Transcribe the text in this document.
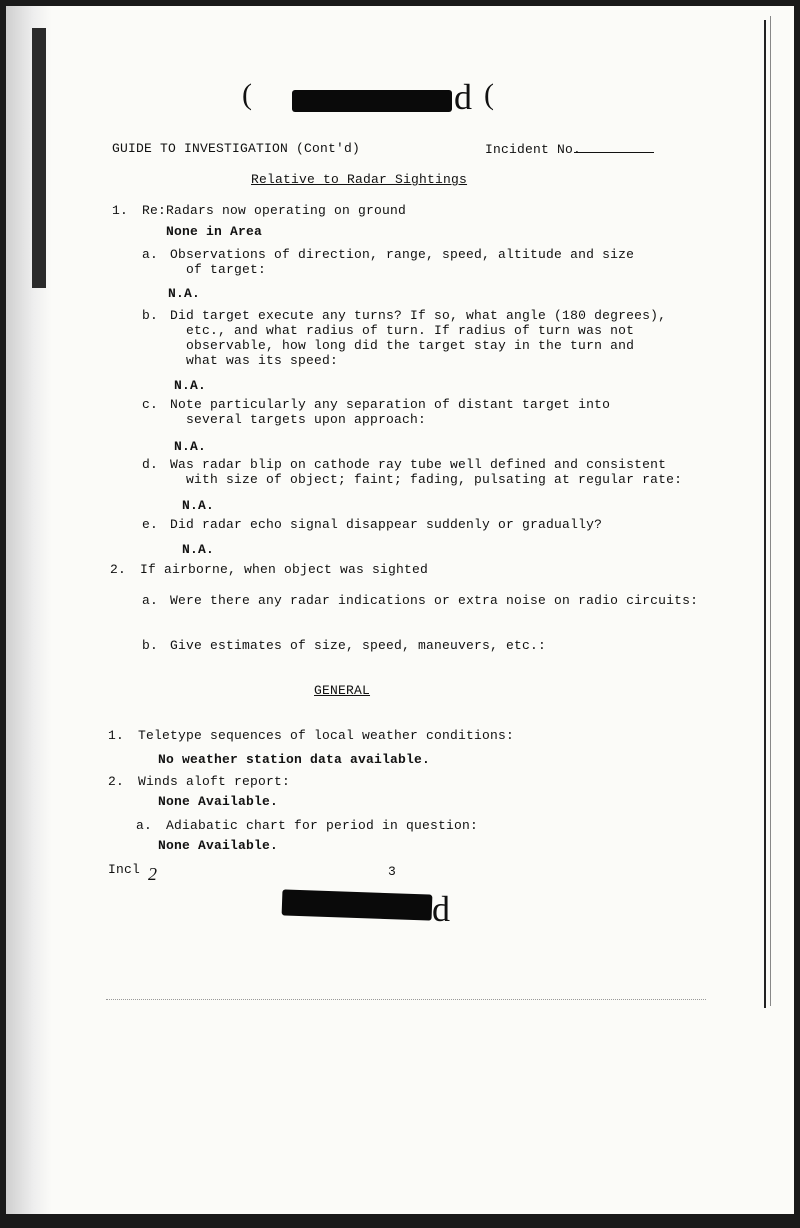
(	d (
GUIDE TO INVESTIGATION (Cont'd)	Incident No.
Relative to Radar Sightings
1. Re:Radars now operating on ground
None in Area
a. Observations of direction, range, speed, altitude and size
of target:
N.A.
b. Did target execute any turns? If so, what angle (180 degrees),
etc., and what radius of turn. If radius of turn was not
observable, how long did the target stay in the turn and
what was its speed:
N.A.
c. Note particularly any separation of distant target into
several targets upon approach:
N.A.
d. Was radar blip on cathode ray tube well defined and consistent
with size of object; faint; fading, pulsating at regular rate:
N.A.
e. Did radar echo signal disappear suddenly or gradually?
N.A.
2. If airborne, when object was sighted
a. Were there any radar indications or extra noise on radio circuits:
b. Give estimates of size, speed, maneuvers, etc.:
GENERAL
1. Teletype sequences of local weather conditions:
No weather station data available.
2. Winds aloft report:
None Available.
a. Adiabatic chart for period in question:
None Available.
Incl 2	3
d
